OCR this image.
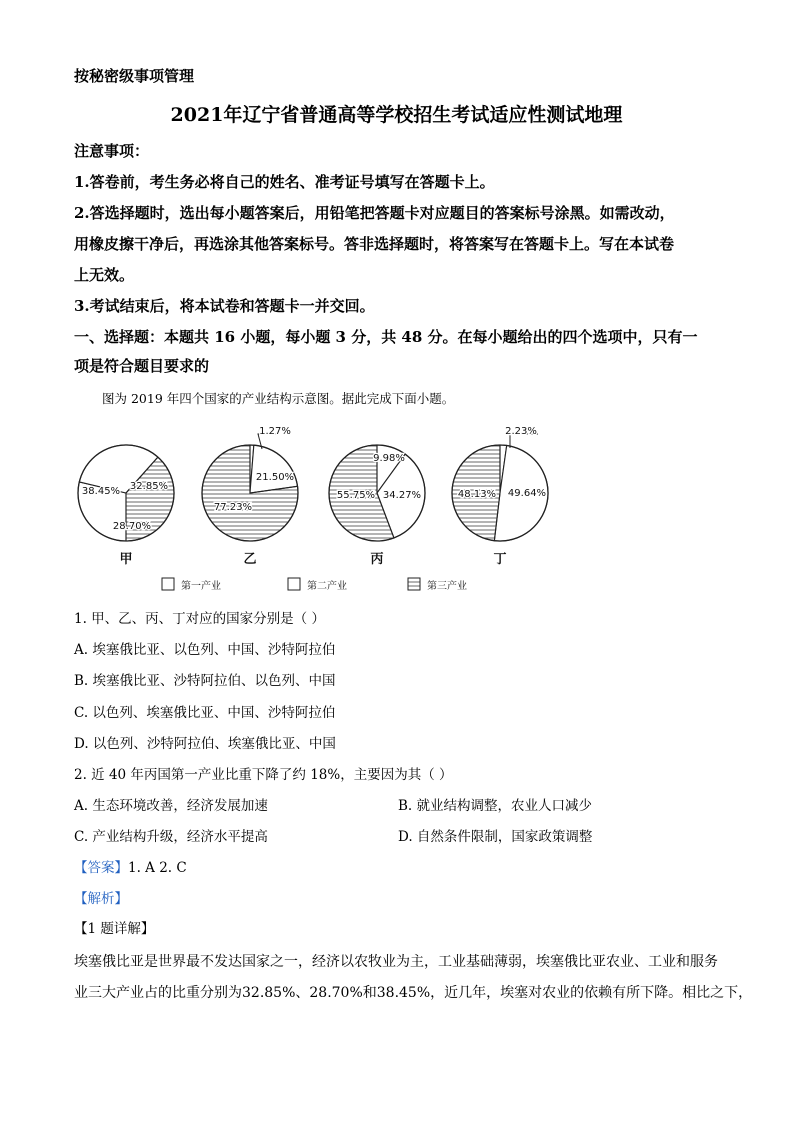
按秘密级事项管理
2021年辽宁省普通高等学校招生考试适应性测试地理
注意事项：
1.答卷前，考生务必将自己的姓名、准考证号填写在答题卡上。
2.答选择题时，选出每小题答案后，用铅笔把答题卡对应题目的答案标号涂黑。如需改动，
用橡皮擦干净后，再选涂其他答案标号。答非选择题时，将答案写在答题卡上。写在本试卷
上无效。
3.考试结束后，将本试卷和答题卡一并交回。
一、选择题：本题共 16 小题，每小题 3 分，共 48 分。在每小题给出的四个选项中，只有一
项是符合题目要求的
图为 2019 年四个国家的产业结构示意图。据此完成下面小题。
28.70%
32.85%
38.45%
甲
1.27%
21.50%
77.23%
乙
9.98%
34.27%
55.75%
丙
2.23%
49.64%
48.13%
丁
第一产业	第二产业	第三产业
1. 甲、乙、丙、丁对应的国家分别是（ ）
A. 埃塞俄比亚、以色列、中国、沙特阿拉伯
B. 埃塞俄比亚、沙特阿拉伯、以色列、中国
C. 以色列、埃塞俄比亚、中国、沙特阿拉伯
D. 以色列、沙特阿拉伯、埃塞俄比亚、中国
2. 近 40 年丙国第一产业比重下降了约 18%，主要因为其（ ）
A. 生态环境改善，经济发展加速	B. 就业结构调整，农业人口减少
C. 产业结构升级，经济水平提高	D. 自然条件限制，国家政策调整
【答案】1. A 2. C
【解析】
【1 题详解】
埃塞俄比亚是世界最不发达国家之一，经济以农牧业为主，工业基础薄弱，埃塞俄比亚农业、工业和服务
业三大产业占的比重分别为32.85%、28.70%和38.45%，近几年，埃塞对农业的依赖有所下降。相比之下，
